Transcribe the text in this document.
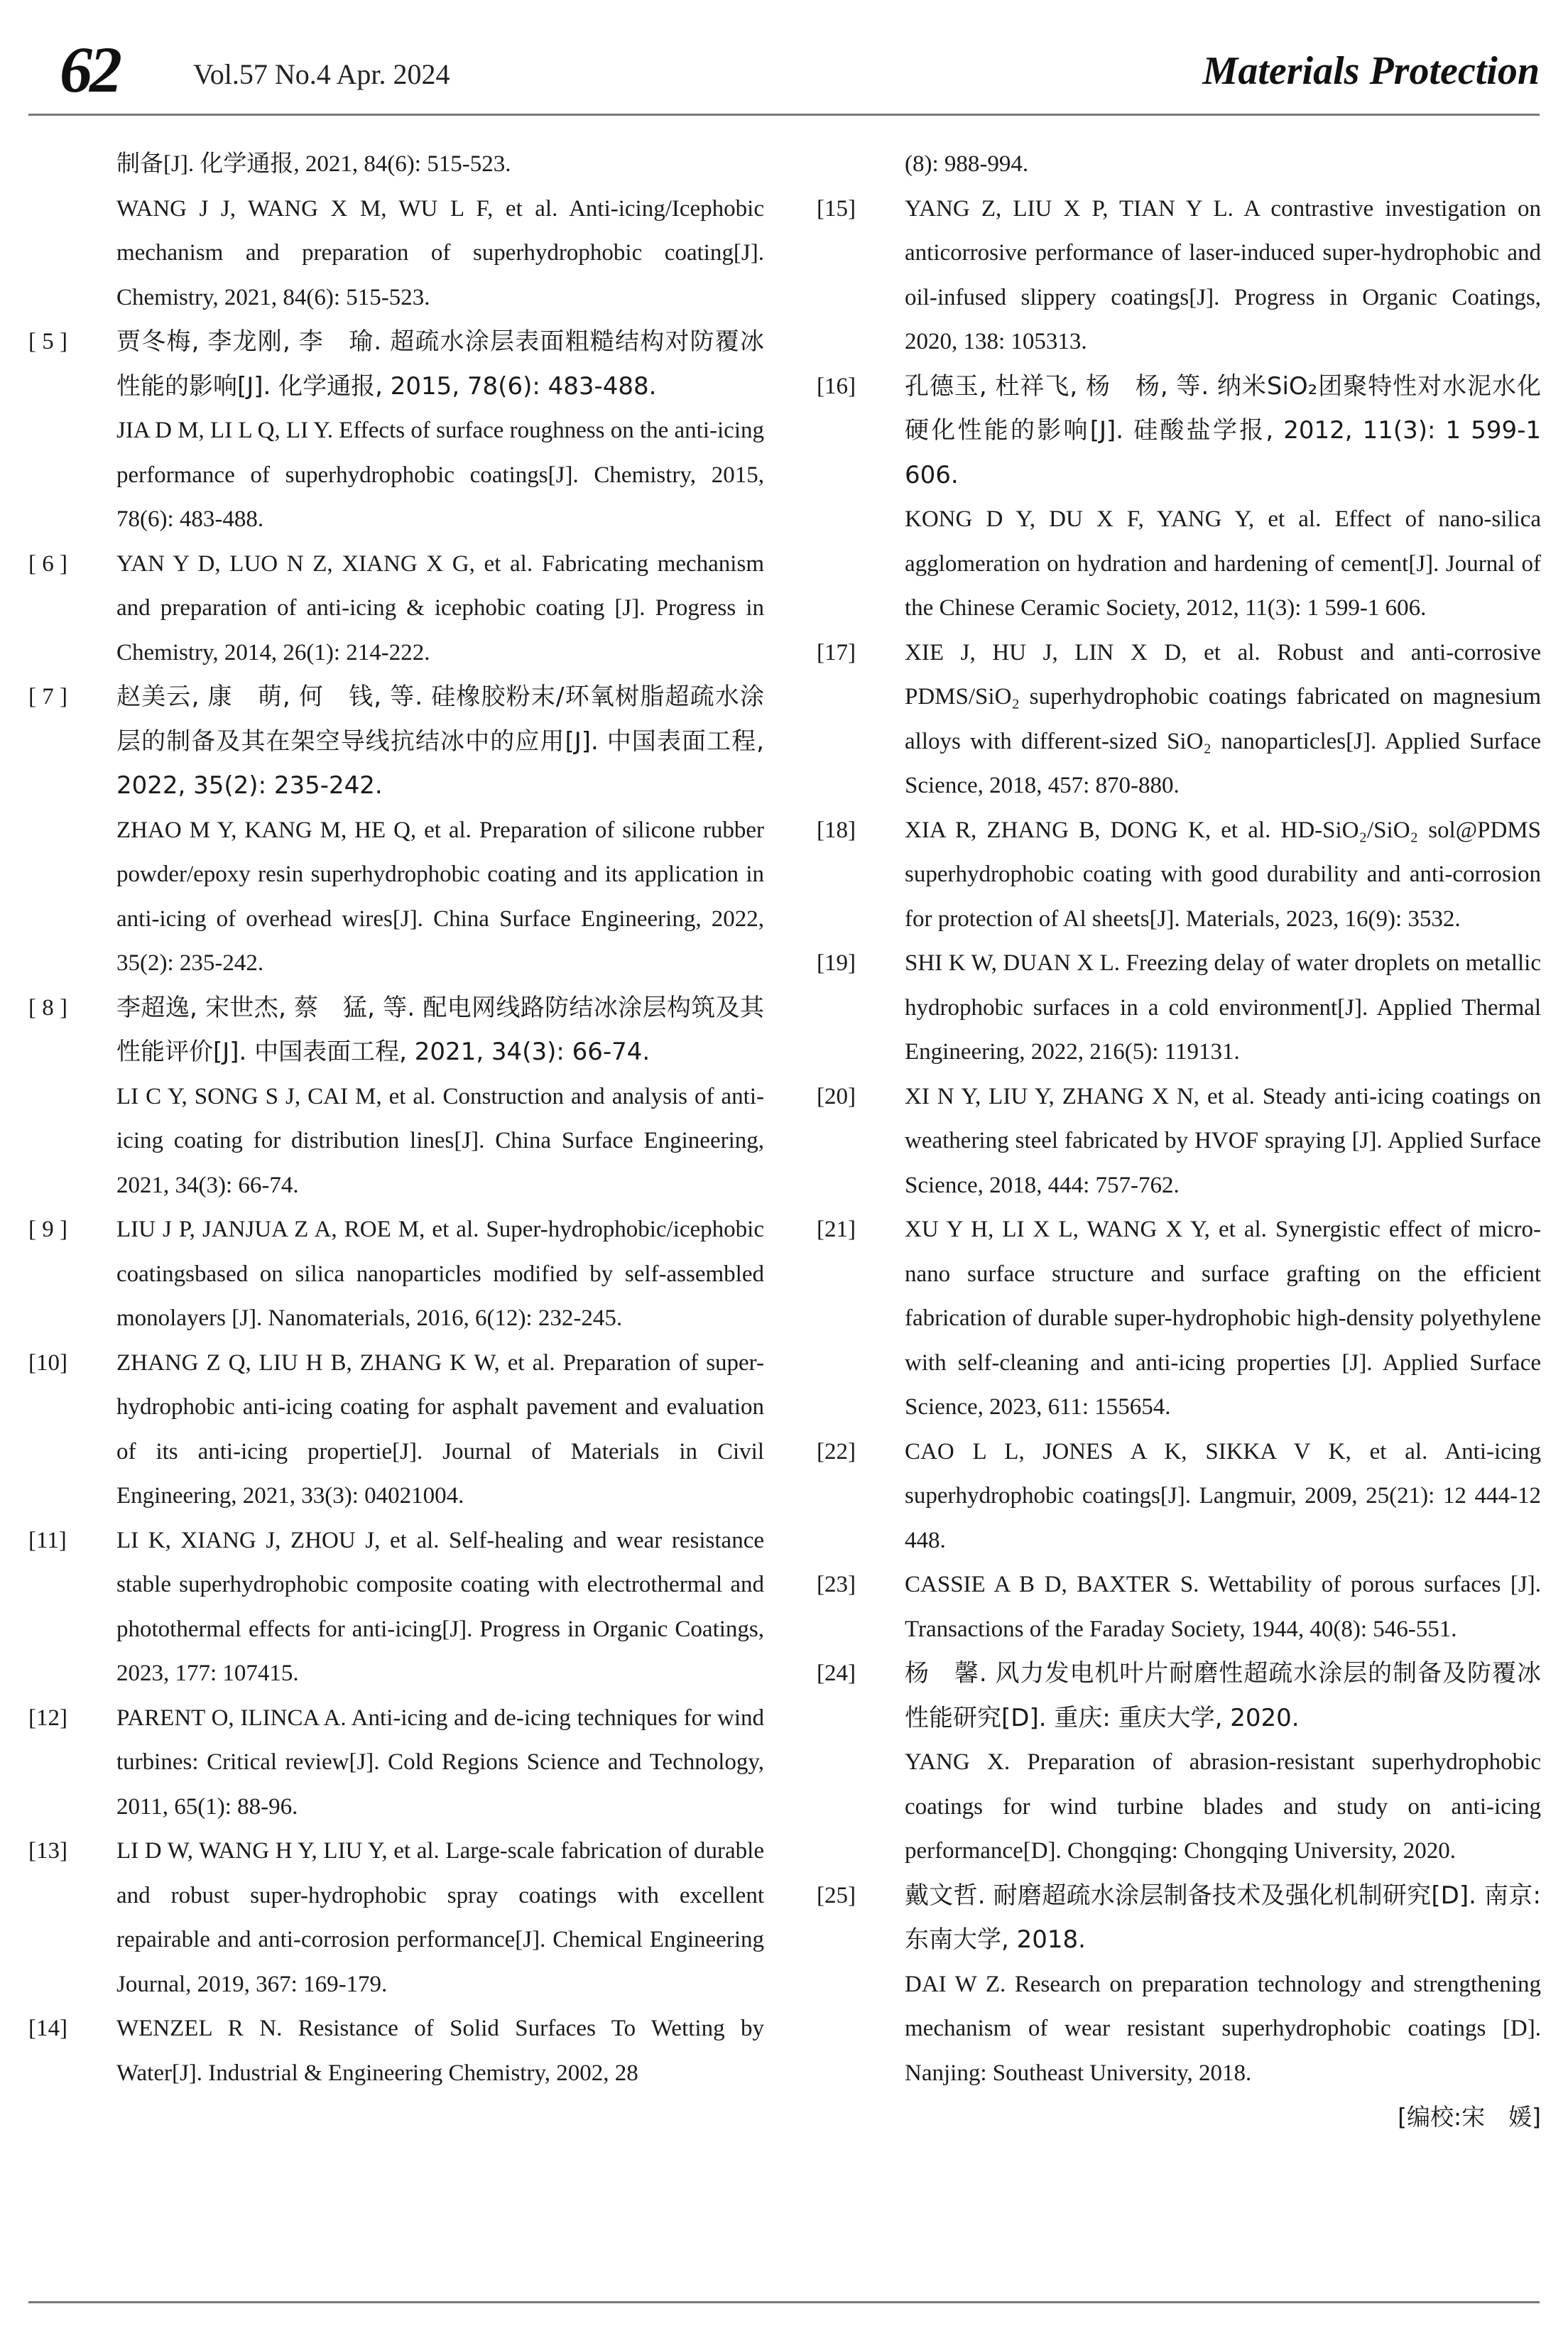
62	Vol.57 No.4 Apr. 2024	Materials Protection

制备[J]. 化学通报, 2021, 84(6): 515-523.

WANG J J, WANG X M, WU L F, et al. Anti-icing/Icephobic mechanism and preparation of superhydrophobic coating[J]. Chemistry, 2021, 84(6): 515-523.

[ 5 ]	贾冬梅, 李龙刚, 李　瑜. 超疏水涂层表面粗糙结构对防覆冰性能的影响[J]. 化学通报, 2015, 78(6): 483-488.

JIA D M, LI L Q, LI Y. Effects of surface roughness on the anti-icing performance of superhydrophobic coatings[J]. Chemistry, 2015, 78(6): 483-488.

[ 6 ]	YAN Y D, LUO N Z, XIANG X G, et al. Fabricating mechanism and preparation of anti-icing & icephobic coating [J]. Progress in Chemistry, 2014, 26(1): 214-222.

[ 7 ]	赵美云, 康　萌, 何　钱, 等. 硅橡胶粉末/环氧树脂超疏水涂层的制备及其在架空导线抗结冰中的应用[J]. 中国表面工程, 2022, 35(2): 235-242.

ZHAO M Y, KANG M, HE Q, et al. Preparation of silicone rubber powder/epoxy resin superhydrophobic coating and its application in anti-icing of overhead wires[J]. China Surface Engineering, 2022, 35(2): 235-242.

[ 8 ]	李超逸, 宋世杰, 蔡　猛, 等. 配电网线路防结冰涂层构筑及其性能评价[J]. 中国表面工程, 2021, 34(3): 66-74.

LI C Y, SONG S J, CAI M, et al. Construction and analysis of anti-icing coating for distribution lines[J]. China Surface Engineering, 2021, 34(3): 66-74.

[ 9 ]	LIU J P, JANJUA Z A, ROE M, et al. Super-hydrophobic/icephobic coatingsbased on silica nanoparticles modified by self-assembled monolayers [J]. Nanomaterials, 2016, 6(12): 232-245.

[10]	ZHANG Z Q, LIU H B, ZHANG K W, et al. Preparation of super-hydrophobic anti-icing coating for asphalt pavement and evaluation of its anti-icing propertie[J]. Journal of Materials in Civil Engineering, 2021, 33(3): 04021004.

[11]	LI K, XIANG J, ZHOU J, et al. Self-healing and wear resistance stable superhydrophobic composite coating with electrothermal and photothermal effects for anti-icing[J]. Progress in Organic Coatings, 2023, 177: 107415.

[12]	PARENT O, ILINCA A. Anti-icing and de-icing techniques for wind turbines: Critical review[J]. Cold Regions Science and Technology, 2011, 65(1): 88-96.

[13]	LI D W, WANG H Y, LIU Y, et al. Large-scale fabrication of durable and robust super-hydrophobic spray coatings with excellent repairable and anti-corrosion performance[J]. Chemical Engineering Journal, 2019, 367: 169-179.

[14]	WENZEL R N. Resistance of Solid Surfaces To Wetting by Water[J]. Industrial & Engineering Chemistry, 2002, 28

(8): 988-994.

[15]	YANG Z, LIU X P, TIAN Y L. A contrastive investigation on anticorrosive performance of laser-induced super-hydrophobic and oil-infused slippery coatings[J]. Progress in Organic Coatings, 2020, 138: 105313.

[16]	孔德玉, 杜祥飞, 杨　杨, 等. 纳米SiO₂团聚特性对水泥水化硬化性能的影响[J]. 硅酸盐学报, 2012, 11(3): 1 599-1 606.

KONG D Y, DU X F, YANG Y, et al. Effect of nano-silica agglomeration on hydration and hardening of cement[J]. Journal of the Chinese Ceramic Society, 2012, 11(3): 1 599-1 606.

[17]	XIE J, HU J, LIN X D, et al. Robust and anti-corrosive PDMS/SiO₂ superhydrophobic coatings fabricated on magnesium alloys with different-sized SiO₂ nanoparticles[J]. Applied Surface Science, 2018, 457: 870-880.

[18]	XIA R, ZHANG B, DONG K, et al. HD-SiO₂/SiO₂ sol@PDMS superhydrophobic coating with good durability and anti-corrosion for protection of Al sheets[J]. Materials, 2023, 16(9): 3532.

[19]	SHI K W, DUAN X L. Freezing delay of water droplets on metallic hydrophobic surfaces in a cold environment[J]. Applied Thermal Engineering, 2022, 216(5): 119131.

[20]	XI N Y, LIU Y, ZHANG X N, et al. Steady anti-icing coatings on weathering steel fabricated by HVOF spraying [J]. Applied Surface Science, 2018, 444: 757-762.

[21]	XU Y H, LI X L, WANG X Y, et al. Synergistic effect of micro-nano surface structure and surface grafting on the efficient fabrication of durable super-hydrophobic high-density polyethylene with self-cleaning and anti-icing properties [J]. Applied Surface Science, 2023, 611: 155654.

[22]	CAO L L, JONES A K, SIKKA V K, et al. Anti-icing superhydrophobic coatings[J]. Langmuir, 2009, 25(21): 12 444-12 448.

[23]	CASSIE A B D, BAXTER S. Wettability of porous surfaces [J]. Transactions of the Faraday Society, 1944, 40(8): 546-551.

[24]	杨　馨. 风力发电机叶片耐磨性超疏水涂层的制备及防覆冰性能研究[D]. 重庆: 重庆大学, 2020.

YANG X. Preparation of abrasion-resistant superhydrophobic coatings for wind turbine blades and study on anti-icing performance[D]. Chongqing: Chongqing University, 2020.

[25]	戴文哲. 耐磨超疏水涂层制备技术及强化机制研究[D]. 南京: 东南大学, 2018.

DAI W Z. Research on preparation technology and strengthening mechanism of wear resistant superhydrophobic coatings [D]. Nanjing: Southeast University, 2018.

[编校:宋　媛]
